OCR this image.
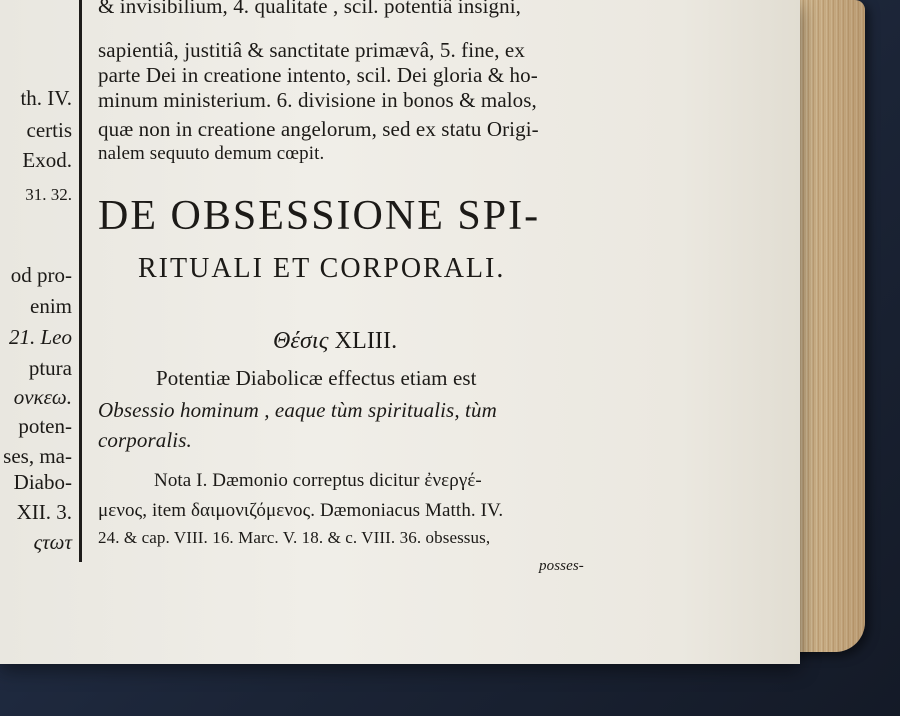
th. IV.
certis
Exod.
31. 32.
od pro-
enim
21. Leo
ptura
ονκεω.
poten-
ses, ma-
Diabo-
XII. 3.
ςτωτ
& invisibilium, 4. qualitate , scil. potentiâ insigni,
sapientiâ, justitiâ & sanctitate primævâ, 5. fine, ex
parte Dei in creatione intento, scil. Dei gloria & ho-
minum ministerium. 6. divisione in bonos & malos,
quæ non in creatione angelorum, sed ex statu Origi-
nalem sequuto demum cœpit.
DE OBSESSIONE SPI-
RITUALI ET CORPORALI.
Θέσις XLIII.
Potentiæ Diabolicæ effectus etiam est
Obsessio hominum , eaque tùm spiritualis, tùm
corporalis.
Nota I. Dæmonio correptus dicitur ἐνεργέ-
μενος, item δαιμονιζόμενος. Dæmoniacus Matth. IV.
24. & cap. VIII. 16. Marc. V. 18. & c. VIII. 36. obsessus,
posses-
